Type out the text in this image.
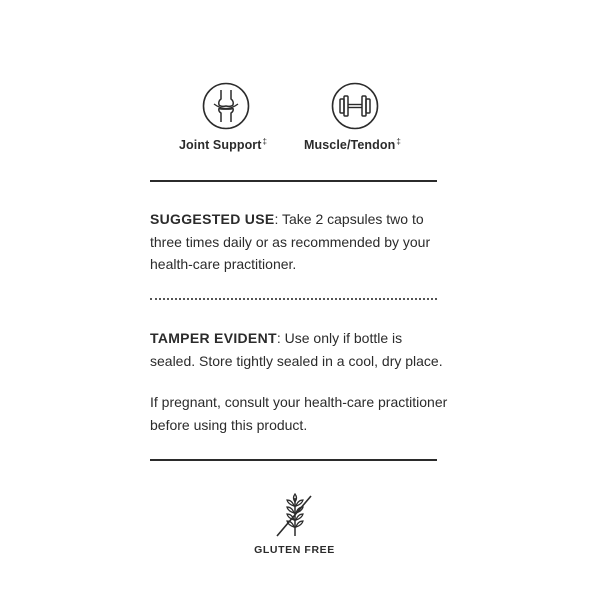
Joint Support‡	Muscle/Tendon‡
SUGGESTED USE: Take 2 capsules two to three times daily or as recommended by your health-care practitioner.
TAMPER EVIDENT: Use only if bottle is sealed. Store tightly sealed in a cool, dry place.
If pregnant, consult your health-care practitioner before using this product.
GLUTEN FREE
